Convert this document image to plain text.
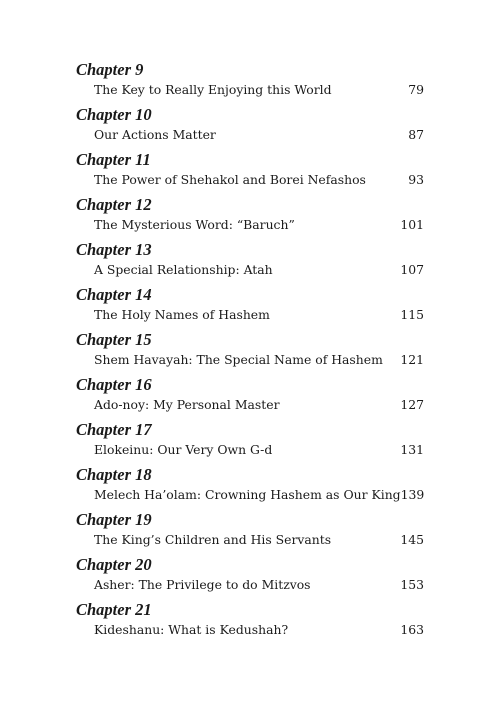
Chapter 9
The Key to Really Enjoying this World	79
Chapter 10
Our Actions Matter	87
Chapter 11
The Power of Shehakol and Borei Nefashos	93
Chapter 12
The Mysterious Word: “Baruch”	101
Chapter 13
A Special Relationship: Atah	107
Chapter 14
The Holy Names of Hashem	115
Chapter 15
Shem Havayah: The Special Name of Hashem 121
Chapter 16
Ado-noy: My Personal Master	127
Chapter 17
Elokeinu: Our Very Own G-d	131
Chapter 18
Melech Ha’olam: Crowning Hashem as Our King 139
Chapter 19
The King’s Children and His Servants	145
Chapter 20
Asher: The Privilege to do Mitzvos	153
Chapter 21
Kideshanu: What is Kedushah?	163
